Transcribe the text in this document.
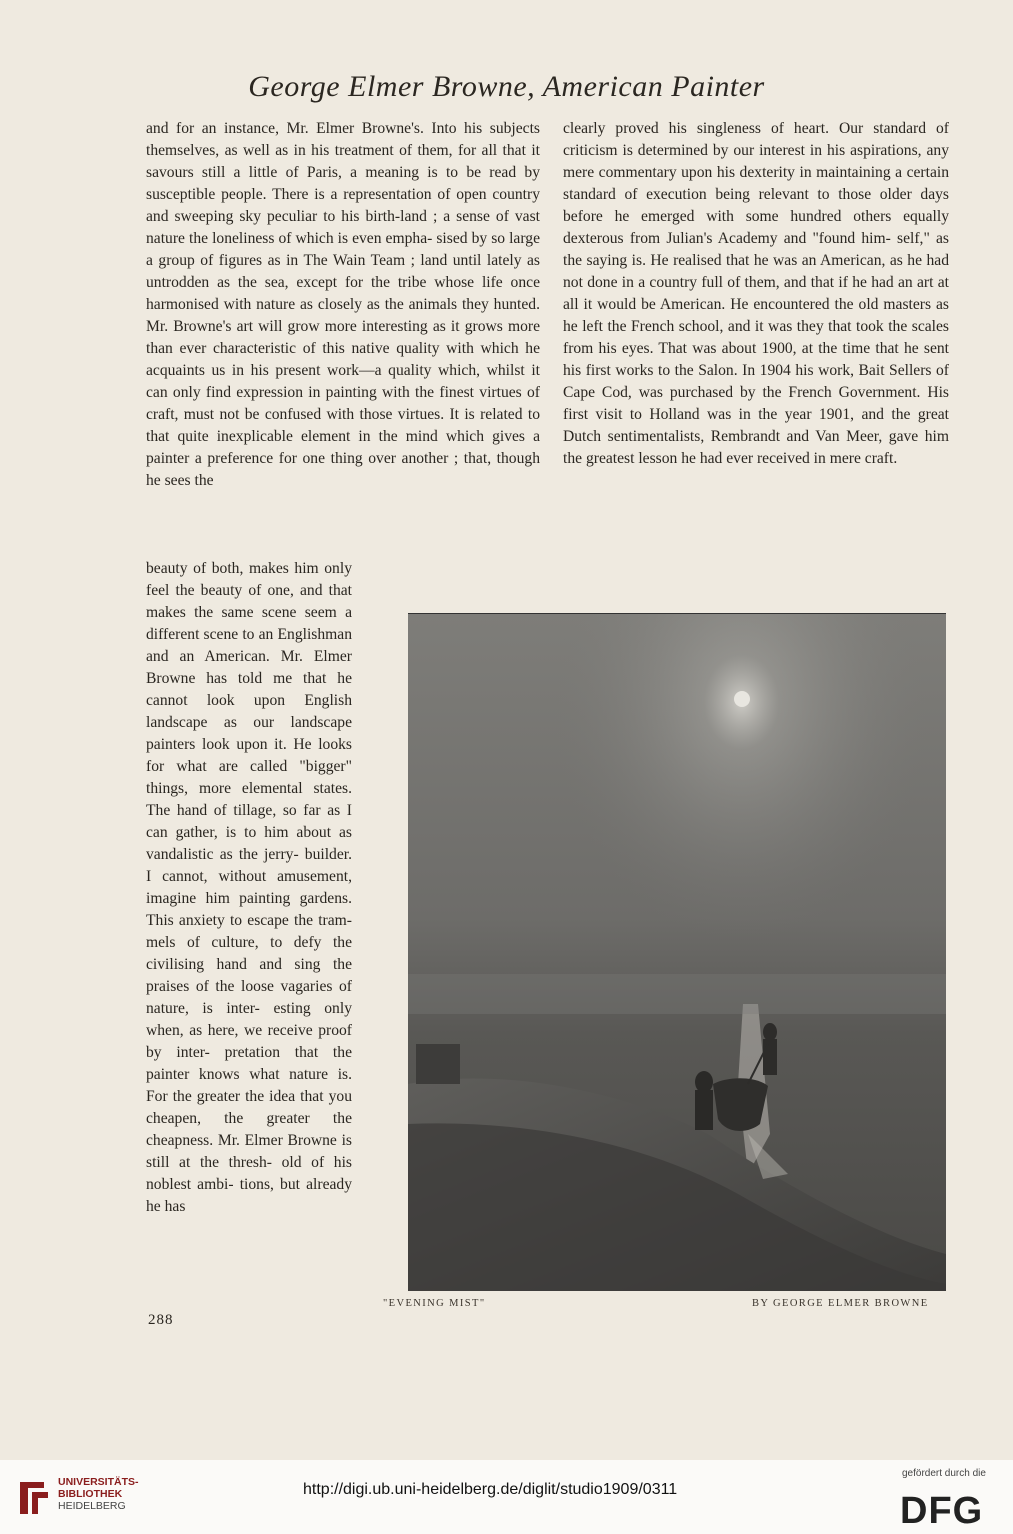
George Elmer Browne, American Painter

and for an instance, Mr. Elmer Browne's. Into his subjects themselves, as well as in his treatment of them, for all that it savours still a little of Paris, a meaning is to be read by susceptible people. There is a representation of open country and sweeping sky peculiar to his birth-land ; a sense of vast nature the loneliness of which is even empha- sised by so large a group of figures as in The Wain Team ; land until lately as untrodden as the sea, except for the tribe whose life once harmonised with nature as closely as the animals they hunted. Mr. Browne's art will grow more interesting as it grows more than ever characteristic of this native quality with which he acquaints us in his present work—a quality which, whilst it can only find expression in painting with the finest virtues of craft, must not be confused with those virtues. It is related to that quite inexplicable element in the mind which gives a painter a preference for one thing over another ; that, though he sees the

beauty of both, makes him only feel the beauty of one, and that makes the same scene seem a different scene to an Englishman and an American. Mr. Elmer Browne has told me that he cannot look upon English landscape as our landscape painters look upon it. He looks for what are called "bigger" things, more elemental states. The hand of tillage, so far as I can gather, is to him about as vandalistic as the jerry- builder. I cannot, without amusement, imagine him painting gardens. This anxiety to escape the tram- mels of culture, to defy the civilising hand and sing the praises of the loose vagaries of nature, is inter- esting only when, as here, we receive proof by inter- pretation that the painter knows what nature is. For the greater the idea that you cheapen, the greater the cheapness. Mr. Elmer Browne is still at the thresh- old of his noblest ambi- tions, but already he has

clearly proved his singleness of heart. Our standard of criticism is determined by our interest in his aspirations, any mere commentary upon his dexterity in maintaining a certain standard of execution being relevant to those older days before he emerged with some hundred others equally dexterous from Julian's Academy and "found him- self," as the saying is. He realised that he was an American, as he had not done in a country full of them, and that if he had an art at all it would be American. He encountered the old masters as he left the French school, and it was they that took the scales from his eyes. That was about 1900, at the time that he sent his first works to the Salon. In 1904 his work, Bait Sellers of Cape Cod, was purchased by the French Government. His first visit to Holland was in the year 1901, and the great Dutch sentimentalists, Rembrandt and Van Meer, gave him the greatest lesson he had ever received in mere craft.

"EVENING MIST"	BY GEORGE ELMER BROWNE
288
UNIVERSITÄTS-
BIBLIOTHEK
HEIDELBERG
http://digi.ub.uni-heidelberg.de/diglit/studio1909/0311
gefördert durch die
DFG
